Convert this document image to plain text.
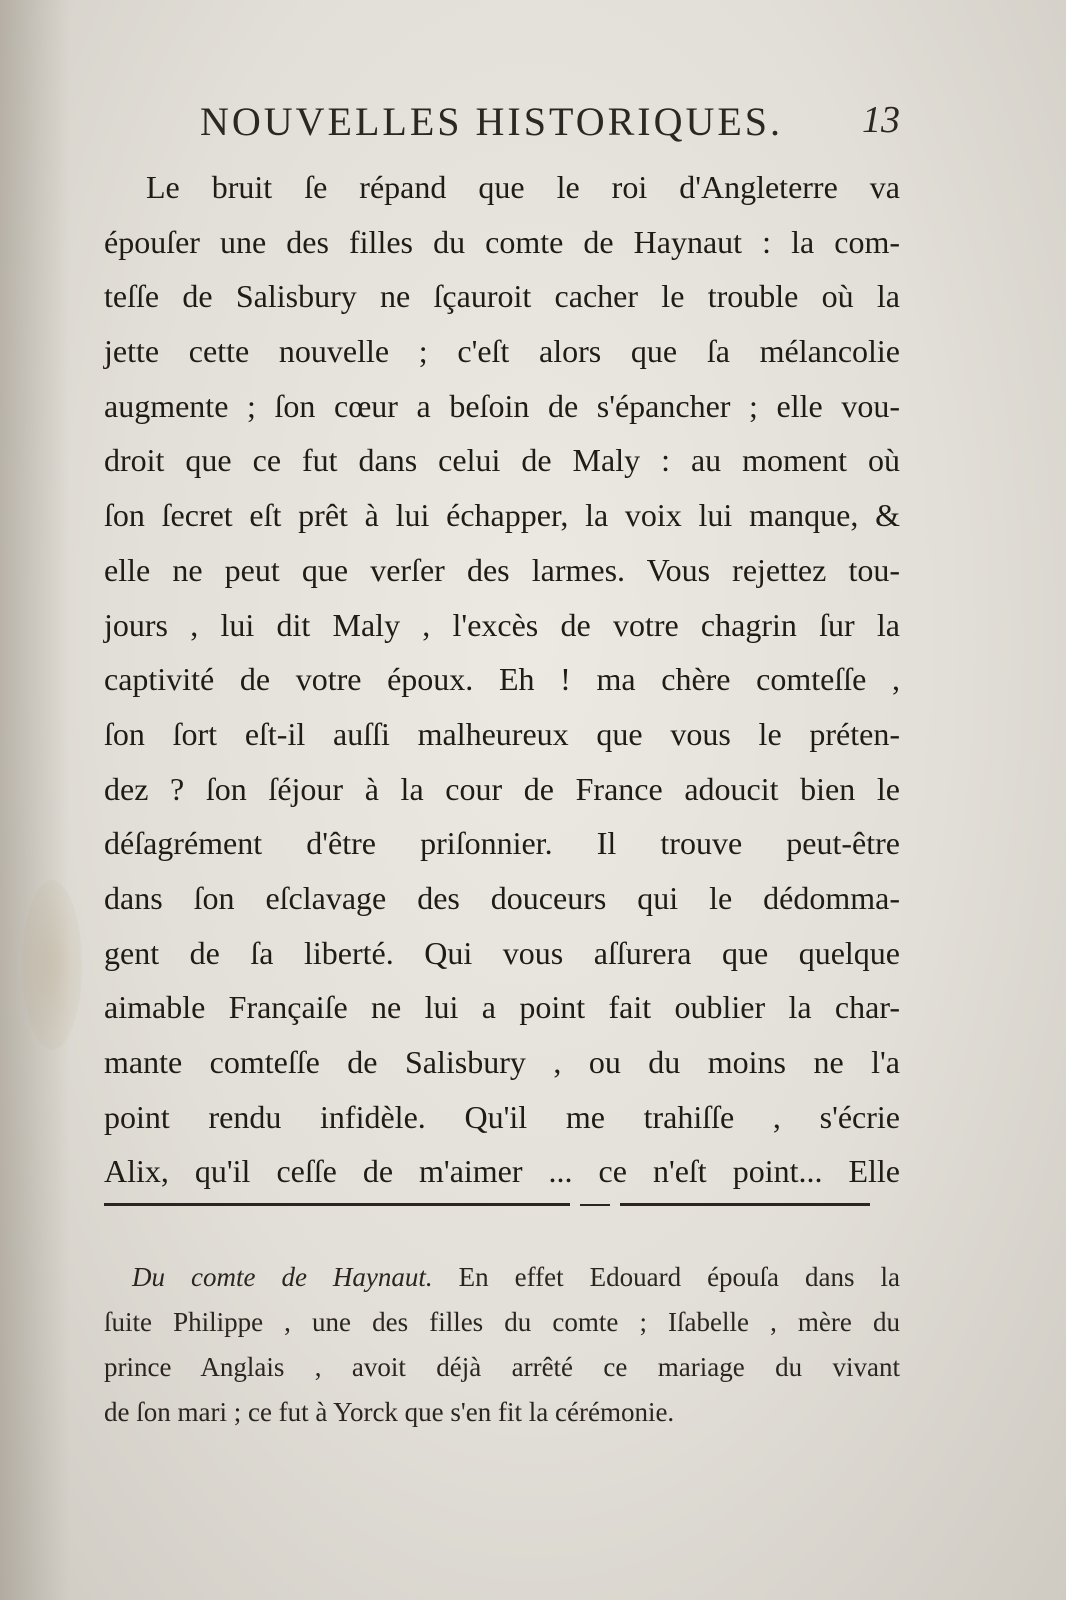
NOUVELLES HISTORIQUES. 13
Le bruit ſe répand que le roi d'Angleterre va
épouſer une des filles du comte de Haynaut : la com-
teſſe de Salisbury ne ſçauroit cacher le trouble où la
jette cette nouvelle ; c'eſt alors que ſa mélancolie
augmente ; ſon cœur a beſoin de s'épancher ; elle vou-
droit que ce fut dans celui de Maly : au moment où
ſon ſecret eſt prêt à lui échapper, la voix lui manque, &
elle ne peut que verſer des larmes. Vous rejettez tou-
jours , lui dit Maly , l'excès de votre chagrin ſur la
captivité de votre époux. Eh ! ma chère comteſſe ,
ſon ſort eſt-il auſſi malheureux que vous le préten-
dez ? ſon ſéjour à la cour de France adoucit bien le
déſagrément d'être priſonnier. Il trouve peut-être
dans ſon eſclavage des douceurs qui le dédomma-
gent de ſa liberté. Qui vous aſſurera que quelque
aimable Françaiſe ne lui a point fait oublier la char-
mante comteſſe de Salisbury , ou du moins ne l'a
point rendu infidèle. Qu'il me trahiſſe , s'écrie
Alix, qu'il ceſſe de m'aimer ... ce n'eſt point... Elle
Du comte de Haynaut. En effet Edouard épouſa dans la
ſuite Philippe , une des filles du comte ; Iſabelle , mère du
prince Anglais , avoit déjà arrêté ce mariage du vivant
de ſon mari ; ce fut à Yorck que s'en fit la cérémonie.
